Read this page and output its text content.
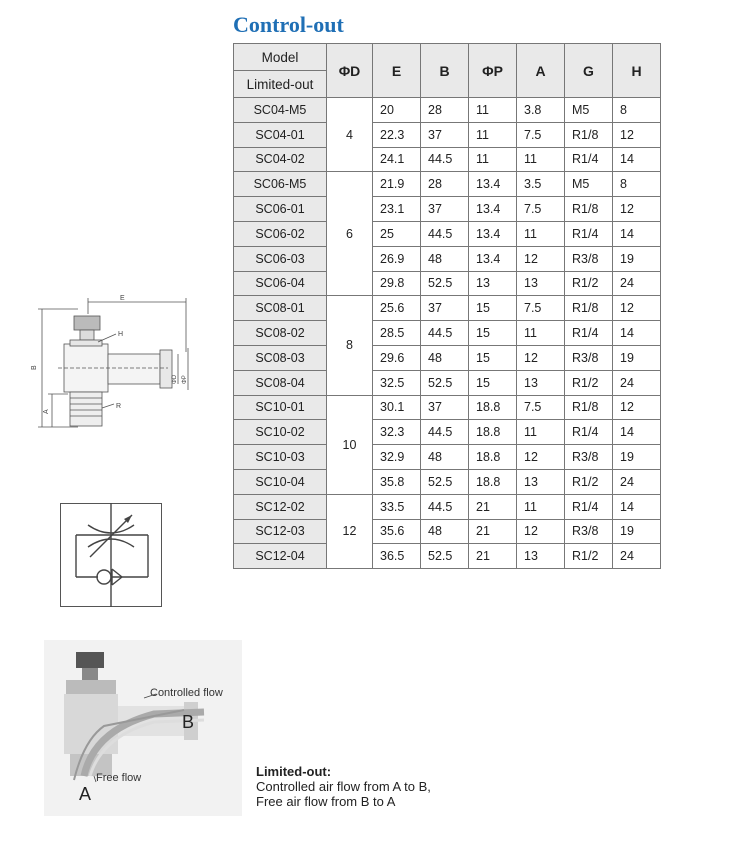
Control-out
Model	ΦD	E	B	ΦP	A	G	H
Limited-out							
SC04-M5	4	20	28	11	3.8	M5	8
SC04-01		22.3	37	11	7.5	R1/8	12
SC04-02		24.1	44.5	11	11	R1/4	14
SC06-M5	6	21.9	28	13.4	3.5	M5	8
SC06-01		23.1	37	13.4	7.5	R1/8	12
SC06-02		25	44.5	13.4	11	R1/4	14
SC06-03		26.9	48	13.4	12	R3/8	19
SC06-04		29.8	52.5	13	13	R1/2	24
SC08-01	8	25.6	37	15	7.5	R1/8	12
SC08-02		28.5	44.5	15	11	R1/4	14
SC08-03		29.6	48	15	12	R3/8	19
SC08-04		32.5	52.5	15	13	R1/2	24
SC10-01	10	30.1	37	18.8	7.5	R1/8	12
SC10-02		32.3	44.5	18.8	11	R1/4	14
SC10-03		32.9	48	18.8	12	R3/8	19
SC10-04		35.8	52.5	18.8	13	R1/2	24
SC12-02	12	33.5	44.5	21	11	R1/4	14
SC12-03		35.6	48	21	12	R3/8	19
SC12-04		36.5	52.5	21	13	R1/2	24
E
H
B
A
R
ΦD ΦP
Controlled flow
B
Free flow
A
Limited-out:
Controlled air flow from A to B,
Free air flow from B to A
